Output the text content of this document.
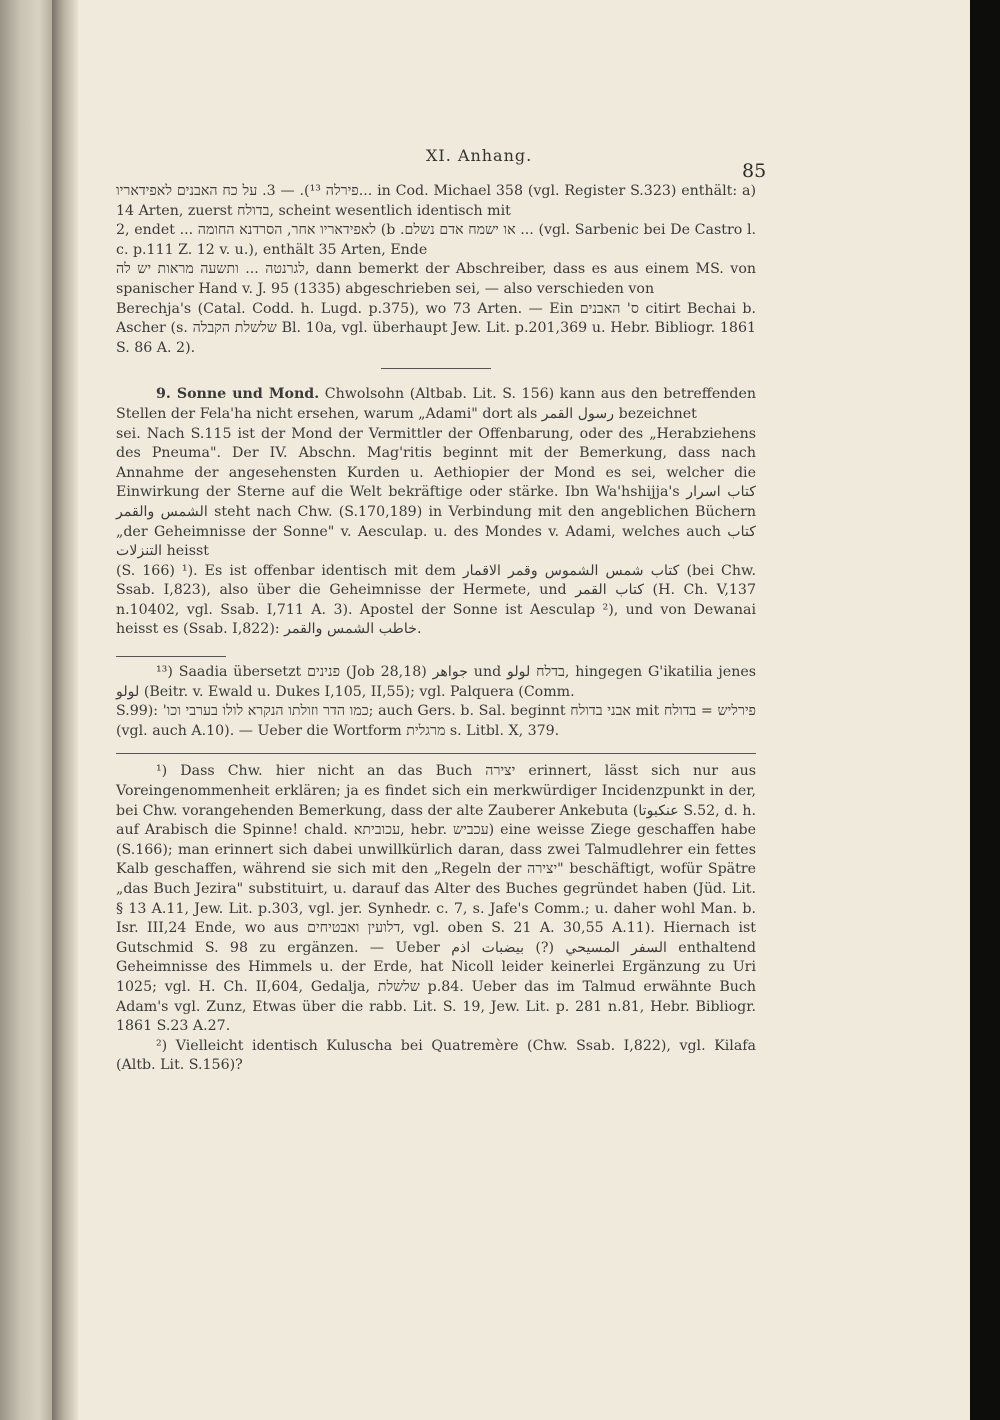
XI. Anhang.
85

‏פירלה‏ ¹³). — 3. ‏על כח האבנים לאפידאריו‏... in Cod. Michael 358 (vgl. Register S.323) enthält: a) 14 Arten, zuerst ‏בדולח‏, scheint wesentlich identisch mit

2, endet ... ‏לאפידאריו אחר, הסרדנא החומה (b .או ישמח אדם נשלם‏ ... (vgl. Sarbenic bei De Castro l. c. p.111 Z. 12 v. u.), enthält 35 Arten, Ende

‏לגרנטה‏ ... ‏ותשעה מראות יש לה‏, dann bemerkt der Abschreiber, dass es aus einem MS. von spanischer Hand v. J. 95 (1335) abgeschrieben sei, — also verschieden von

Berechja's (Catal. Codd. h. Lugd. p.375), wo 73 Arten. — Ein ‏ס' האבנים‏ citirt Bechai b. Ascher (s. ‏שלשלת הקבלה‏ Bl. 10a, vgl. überhaupt Jew. Lit. p.201,369 u. Hebr. Bibliogr. 1861 S. 86 A. 2).

9. Sonne und Mond. Chwolsohn (Altbab. Lit. S. 156) kann aus den betreffenden Stellen der Fela'ha nicht ersehen, warum „Adami" dort als رسول القمر bezeichnet

sei. Nach S.115 ist der Mond der Vermittler der Offenbarung, oder des „Herabziehens des Pneuma". Der IV. Abschn. Mag'ritis beginnt mit der Bemerkung, dass nach Annahme der angesehensten Kurden u. Aethiopier der Mond es sei, welcher die Einwirkung der Sterne auf die Welt bekräftige oder stärke. Ibn Wa'hshijja's كتاب اسرار الشمس والقمر steht nach Chw. (S.170,189) in Verbindung mit den angeblichen Büchern „der Geheimnisse der Sonne" v. Aesculap. u. des Mondes v. Adami, welches auch كتاب التنزلات heisst

(S. 166) ¹). Es ist offenbar identisch mit dem كتاب شمس الشموس وقمر الاقمار (bei Chw. Ssab. I,823), also über die Geheimnisse der Hermete, und كتاب القمر (H. Ch. V,137 n.10402, vgl. Ssab. I,711 A. 3). Apostel der Sonne ist Aesculap ²), und von Dewanai heisst es (Ssab. I,822): خاطب الشمس والقمر.

¹³) Saadia übersetzt ‏פנינים‏ (Job 28,18) جواهر und ‏בדלח‏ لولو, hingegen G'ikatilia jenes لولو (Beitr. v. Ewald u. Dukes I,105, II,55); vgl. Palquera (Comm.

S.99): ‏כמו הדר וזולתו הנקרא לולו בערבי וכו'‏; auch Gers. b. Sal. beginnt ‏אבני בדולח‏ mit ‏פירליש = בדולח‏ (vgl. auch A.10). — Ueber die Wortform ‏מרגלית‏ s. Litbl. X, 379.

¹) Dass Chw. hier nicht an das Buch ‏יצירה‏ erinnert, lässt sich nur aus Voreingenommenheit erklären; ja es findet sich ein merkwürdiger Incidenzpunkt in der, bei Chw. vorangehenden Bemerkung, dass der alte Zauberer Ankebuta (عنكبوتا S.52, d. h. auf Arabisch die Spinne! chald. ‏עכוביתא‏, hebr. ‏עכביש‏) eine weisse Ziege geschaffen habe (S.166); man erinnert sich dabei unwillkürlich daran, dass zwei Talmudlehrer ein fettes Kalb geschaffen, während sie sich mit den „Regeln der ‏יצירה‏" beschäftigt, wofür Spätre „das Buch Jezira" substituirt, u. darauf das Alter des Buches gegründet haben (Jüd. Lit. § 13 A.11, Jew. Lit. p.303, vgl. jer. Synhedr. c. 7, s. Jafe's Comm.; u. daher wohl Man. b. Isr. III,24 Ende, wo aus ‏דלועין ואבטיחים‏, vgl. oben S. 21 A. 30,55 A.11). Hiernach ist Gutschmid S. 98 zu ergänzen. — Ueber السفر المسيحي (?) بيضبات اذم enthaltend Geheimnisse des Himmels u. der Erde, hat Nicoll leider keinerlei Ergänzung zu Uri 1025; vgl. H. Ch. II,604, Gedalja, ‏שלשלת‏ p.84. Ueber das im Talmud erwähnte Buch Adam's vgl. Zunz, Etwas über die rabb. Lit. S. 19, Jew. Lit. p. 281 n.81, Hebr. Bibliogr. 1861 S.23 A.27.

²) Vielleicht identisch Kuluscha bei Quatremère (Chw. Ssab. I,822), vgl. Kilafa (Altb. Lit. S.156)?
